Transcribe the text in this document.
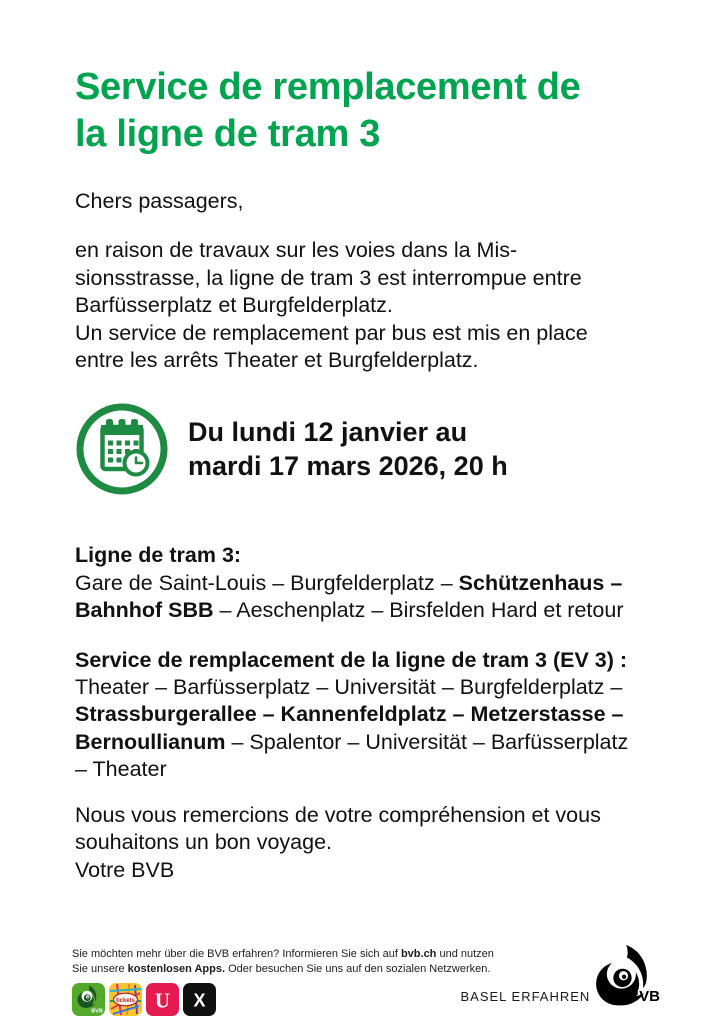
Service de remplacement de
la ligne de tram 3

Chers passagers,

en raison de travaux sur les voies dans la Mis-
sionsstrasse, la ligne de tram 3 est interrompue entre
Barfüsserplatz et Burgfelderplatz.
Un service de remplacement par bus est mis en place
entre les arrêts Theater et Burgfelderplatz.

Du lundi 12 janvier au
mardi 17 mars 2026, 20 h

Ligne de tram 3:
Gare de Saint-Louis – Burgfelderplatz – Schützenhaus –
Bahnhof SBB – Aeschenplatz – Birsfelden Hard et retour

Service de remplacement de la ligne de tram 3 (EV 3) :
Theater – Barfüsserplatz – Universität – Burgfelderplatz –
Strassburgerallee – Kannenfeldplatz – Metzerstasse –
Bernoullianum – Spalentor – Universität – Barfüsserplatz
– Theater

Nous vous remercions de votre compréhension et vous
souhaitons un bon voyage.
Votre BVB

Sie möchten mehr über die BVB erfahren? Informieren Sie sich auf bvb.ch und nutzen
Sie unsere kostenlosen Apps. Oder besuchen Sie uns auf den sozialen Netzwerken.

BVB
tickets U X	BASEL ERFAHREN	BVB
